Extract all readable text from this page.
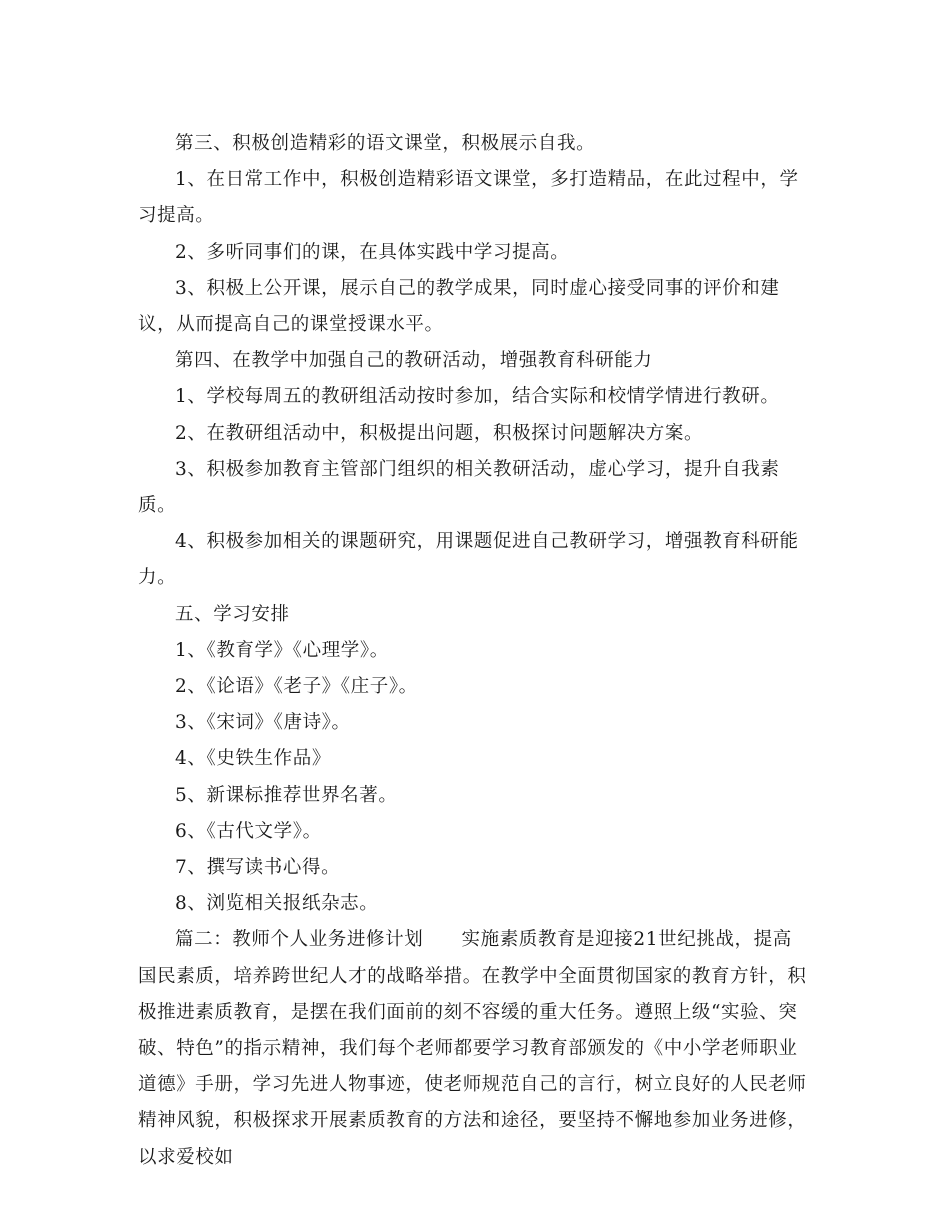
第三、积极创造精彩的语文课堂，积极展示自我。

1、在日常工作中，积极创造精彩语文课堂，多打造精品，在此过程中，学习提高。

2、多听同事们的课，在具体实践中学习提高。

3、积极上公开课，展示自己的教学成果，同时虚心接受同事的评价和建议，从而提高自己的课堂授课水平。

第四、在教学中加强自己的教研活动，增强教育科研能力

1、学校每周五的教研组活动按时参加，结合实际和校情学情进行教研。

2、在教研组活动中，积极提出问题，积极探讨问题解决方案。

3、积极参加教育主管部门组织的相关教研活动，虚心学习，提升自我素质。

4、积极参加相关的课题研究，用课题促进自己教研学习，增强教育科研能力。

五、学习安排

1、《教育学》《心理学》。

2、《论语》《老子》《庄子》。

3、《宋词》《唐诗》。

4、《史铁生作品》

5、新课标推荐世界名著。

6、《古代文学》。

7、撰写读书心得。

8、浏览相关报纸杂志。

篇二：教师个人业务进修计划　　实施素质教育是迎接21世纪挑战，提高国民素质，培养跨世纪人才的战略举措。在教学中全面贯彻国家的教育方针，积极推进素质教育，是摆在我们面前的刻不容缓的重大任务。遵照上级“实验、突破、特色”的指示精神，我们每个老师都要学习教育部颁发的《中小学老师职业道德》手册，学习先进人物事迹，使老师规范自己的言行，树立良好的人民老师精神风貌，积极探求开展素质教育的方法和途径，要坚持不懈地参加业务进修，以求爱校如
